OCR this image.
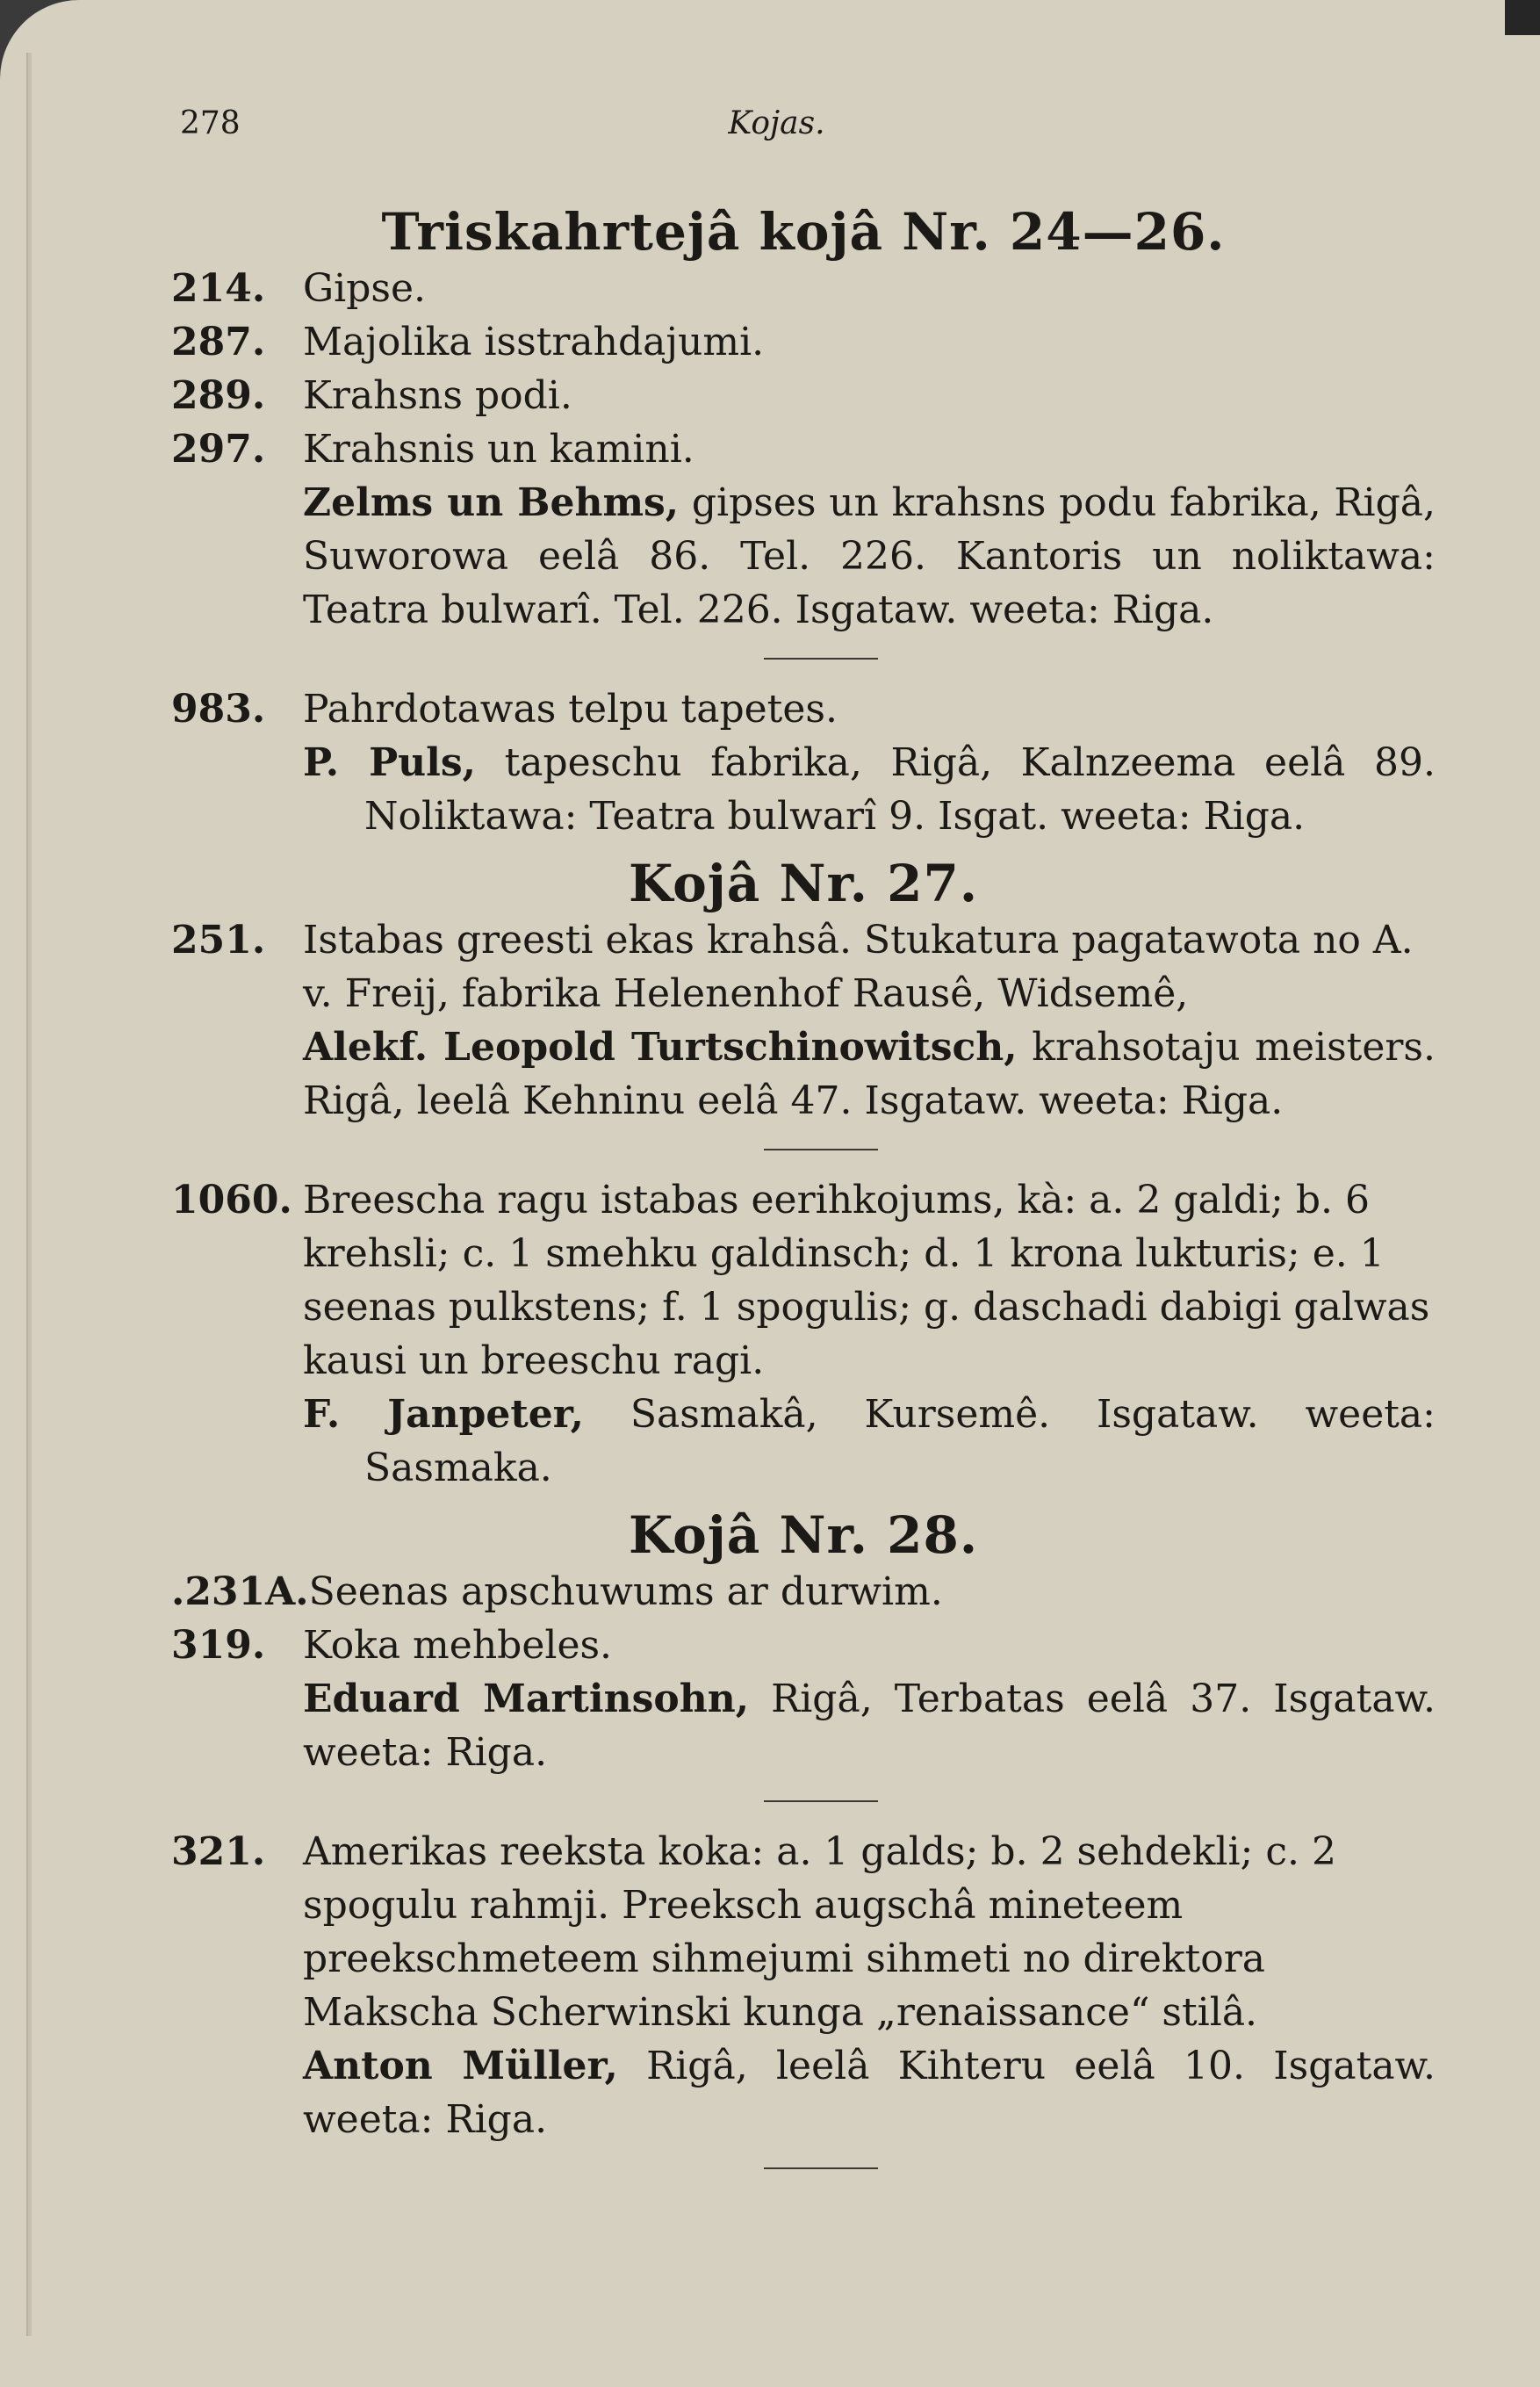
278	Kojas.
Triskahrtejâ kojâ Nr. 24—26.
214. Gipse.
287. Majolika isstrahdajumi.
289. Krahsns podi.
297. Krahsnis un kamini.
Zelms un Behms, gipses un krahsns podu fabrika, Rigâ, Suworowa eelâ 86. Tel. 226. Kantoris un noliktawa: Teatra bulwarî. Tel. 226. Isgataw. weeta: Riga.
983. Pahrdotawas telpu tapetes.
P. Puls, tapeschu fabrika, Rigâ, Kalnzeema eelâ 89. Noliktawa: Teatra bulwarî 9. Isgat. weeta: Riga.
Kojâ Nr. 27.
251. Istabas greesti ekas krahsâ. Stukatura pagatawota no A. v. Freij, fabrika Helenenhof Rausê, Widsemê,
Alekf. Leopold Turtschinowitsch, krahsotaju meisters. Rigâ, leelâ Kehninu eelâ 47. Isgataw. weeta: Riga.
1060. Breescha ragu istabas eerihkojums, kà: a. 2 galdi; b. 6 krehsli; c. 1 smehku galdinsch; d. 1 krona lukturis; e. 1 seenas pulkstens; f. 1 spogulis; g. daschadi dabigi galwas kausi un breeschu ragi.
F. Janpeter, Sasmakâ, Kursemê. Isgataw. weeta: Sasmaka.
Kojâ Nr. 28.
.231A. Seenas apschuwums ar durwim.
319. Koka mehbeles.
Eduard Martinsohn, Rigâ, Terbatas eelâ 37. Isgataw. weeta: Riga.
321. Amerikas reekstа koka: a. 1 galds; b. 2 sehdekli; c. 2 spogulu rahmji. Preeksch augschâ mineteem preekschmeteem sihmejumi sihmeti no direktora Makscha Scherwinski kunga „renaissance“ stilâ.
Anton Müller, Rigâ, leelâ Kihteru eelâ 10. Isgataw. weeta: Riga.
